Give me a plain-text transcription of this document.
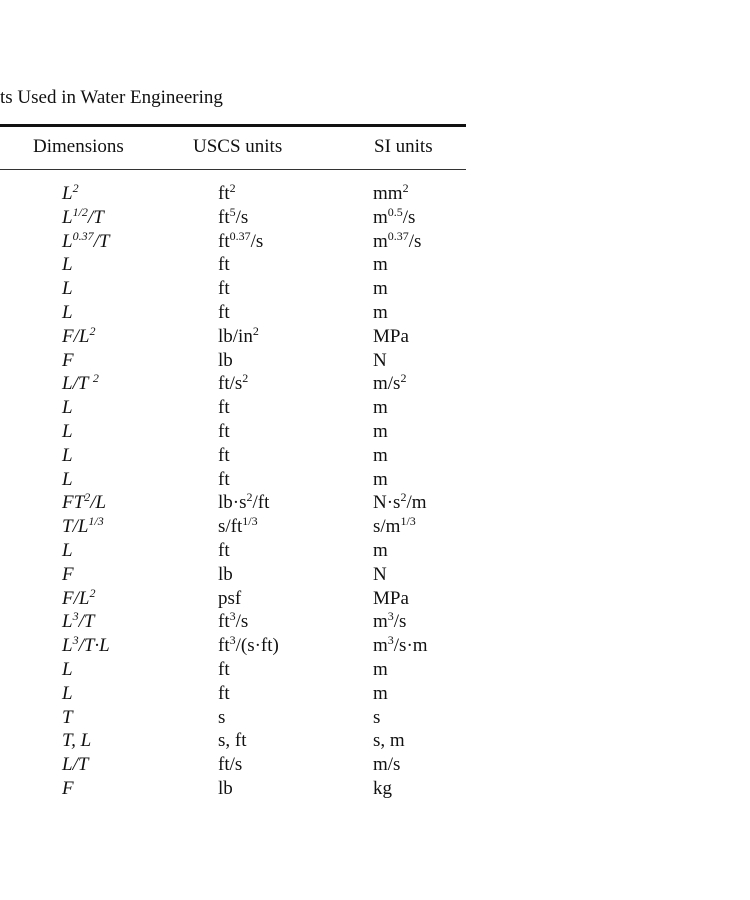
ts Used in Water Engineering
Dimensions	USCS units	SI units
$L^2$	$ft^2$	$mm^2$
$L^{1/2}/T$	$ft^5/s$	$m^{0.5}/s$
$L^{0.37}/T$	$ft^{0.37}/s$	$m^{0.37}/s$
L	ft	m
L	ft	m
L	ft	m
$F/L^2$	$lb/in^2$	MPa
F	lb	N
L/T $^2$	$ft/s^2$	$m/s^2$
L	ft	m
L	ft	m
L	ft	m
L	ft	m
$FT^2/L$	$lb\cdot s^2/ft$	$N\cdot s^2/m$
$T/L^{1/3}$	$s/ft^{1/3}$	$s/m^{1/3}$
L	ft	m
F	lb	N
$F/L^2$	psf	MPa
$L^3/T$	$ft^3/s$	$m^3/s$
$L^3/T\cdot L$	$ft^3/(s\cdot ft)$	$m^3/s\cdot m$
L	ft	m
L	ft	m
T	s	s
T, L	s, ft	s, m
L/T	ft/s	m/s
F	lb	kg
